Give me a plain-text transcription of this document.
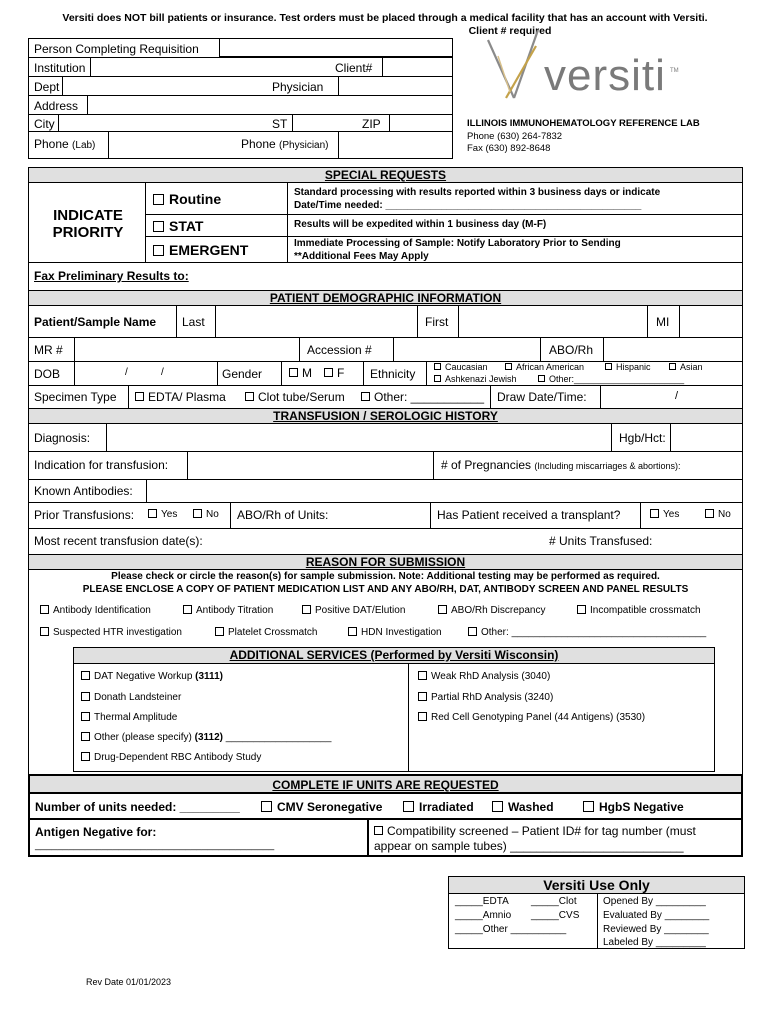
Versiti does NOT bill patients or insurance. Test orders must be placed through a medical facility that has an account with Versiti.
Client # required
Person Completing Requisition
Institution	Client#
Dept	Physician
Address
City	ST	ZIP
Phone (Lab)	Phone (Physician)
versiti TM
ILLINOIS IMMUNOHEMATOLOGY REFERENCE LAB
Phone (630) 264-7832
Fax (630) 892-8648
SPECIAL REQUESTS
INDICATE
PRIORITY
Routine	Standard processing with results reported within 3 business days or indicate
Date/Time needed: ______________________________________________
STAT	Results will be expedited within 1 business day (M-F)
EMERGENT	Immediate Processing of Sample: Notify Laboratory Prior to Sending
**Additional Fees May Apply
Fax Preliminary Results to:
PATIENT DEMOGRAPHIC INFORMATION
Patient/Sample Name Last	First	MI
MR #	Accession #	ABO/Rh
DOB	/	/	Gender	M	F Ethnicity	Caucasian	African American	Hispanic	Asian
Ashkenazi Jewish	Other:______________________
Specimen Type	EDTA/ Plasma	Clot tube/Serum	Other: ___________ Draw Date/Time:	/
TRANSFUSION / SEROLOGIC HISTORY
Diagnosis:	Hgb/Hct:
Indication for transfusion:	# of Pregnancies (Including miscarriages & abortions):
Known Antibodies:
Prior Transfusions:	Yes	No ABO/Rh of Units:	Has Patient received a transplant?	Yes	No
Most recent transfusion date(s):	# Units Transfused:
REASON FOR SUBMISSION
Please check or circle the reason(s) for sample submission. Note: Additional testing may be performed as required.
PLEASE ENCLOSE A COPY OF PATIENT MEDICATION LIST AND ANY ABO/RH, DAT, ANTIBODY SCREEN AND PANEL RESULTS
Antibody Identification	Antibody Titration	Positive DAT/Elution	ABO/Rh Discrepancy	Incompatible crossmatch
Suspected HTR investigation	Platelet Crossmatch	HDN Investigation	Other: ___________________________________
ADDITIONAL SERVICES (Performed by Versiti Wisconsin)
DAT Negative Workup (3111)
Donath Landsteiner
Thermal Amplitude
Other (please specify) (3112) ___________________
Drug-Dependent RBC Antibody Study
Weak RhD Analysis (3040)
Partial RhD Analysis (3240)
Red Cell Genotyping Panel (44 Antigens) (3530)
COMPLETE IF UNITS ARE REQUESTED
Number of units needed: _________	CMV Seronegative	Irradiated	Washed	HgbS Negative
Antigen Negative for:
___________________________________________
Compatibility screened – Patient ID# for tag number (must
appear on sample tubes) __________________________
Versiti Use Only
_____EDTA _____Clot
_____Amnio _____CVS
_____Other __________
Opened By _________
Evaluated By ________
Reviewed By ________
Labeled By _________
Rev Date 01/01/2023
